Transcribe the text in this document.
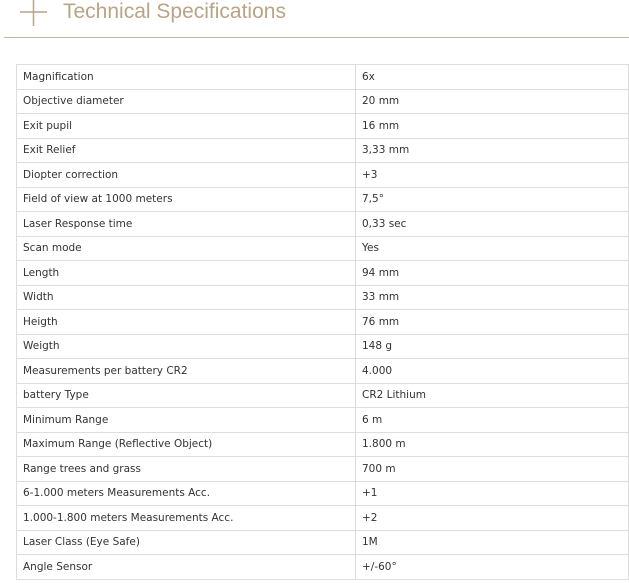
Technical Specifications
Magnification	6x
Objective diameter	20 mm
Exit pupil	16 mm
Exit Relief	3,33 mm
Diopter correction	+3
Field of view at 1000 meters	7,5°
Laser Response time	0,33 sec
Scan mode	Yes
Length	94 mm
Width	33 mm
Heigth	76 mm
Weigth	148 g
Measurements per battery CR2	4.000
battery Type	CR2 Lithium
Minimum Range	6 m
Maximum Range (Reflective Object)	1.800 m
Range trees and grass	700 m
6-1.000 meters Measurements Acc.	+1
1.000-1.800 meters Measurements Acc.	+2
Laser Class (Eye Safe)	1M
Angle Sensor	+/-60°
